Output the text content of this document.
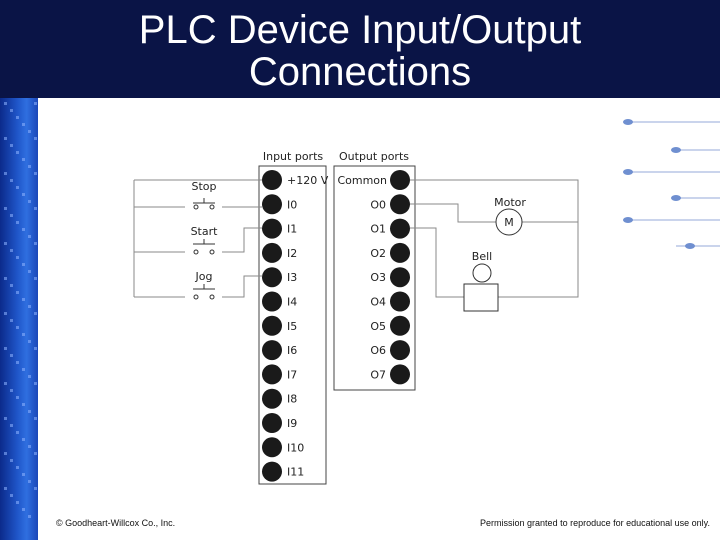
PLC Device Input/Output
Connections
Input ports Output ports
+120 V
I0
I1
I2
I3
I4
I5
I6
I7
I8
I9
I10
I11
Common
O0
O1
O2
O3
O4
O5
O6
O7
Stop
Start
Jog
Motor
M
Bell
© Goodheart-Willcox Co., Inc.	Permission granted to reproduce for educational use only.
